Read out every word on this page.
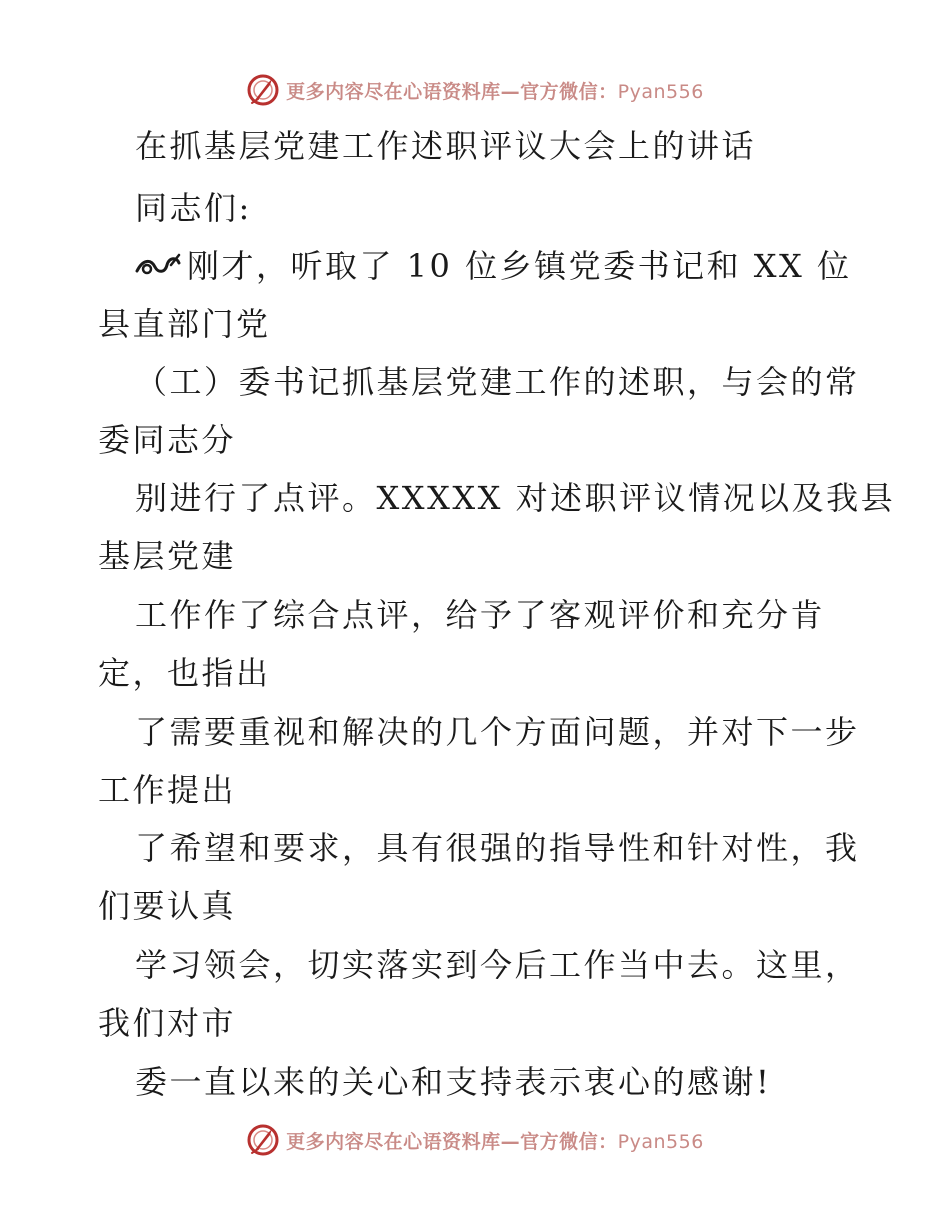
更多内容尽在心语资料库—官方微信：Pyan556
在抓基层党建工作述职评议大会上的讲话
同志们:
刚才，听取了 10 位乡镇党委书记和 XX 位
县直部门党
（工）委书记抓基层党建工作的述职，与会的常
委同志分
别进行了点评。XXXXX 对述职评议情况以及我县
基层党建
工作作了综合点评，给予了客观评价和充分肯
定，也指出
了需要重视和解决的几个方面问题，并对下一步
工作提出
了希望和要求，具有很强的指导性和针对性，我
们要认真
学习领会，切实落实到今后工作当中去。这里，
我们对市
委一直以来的关心和支持表示衷心的感谢!
更多内容尽在心语资料库—官方微信：Pyan556
